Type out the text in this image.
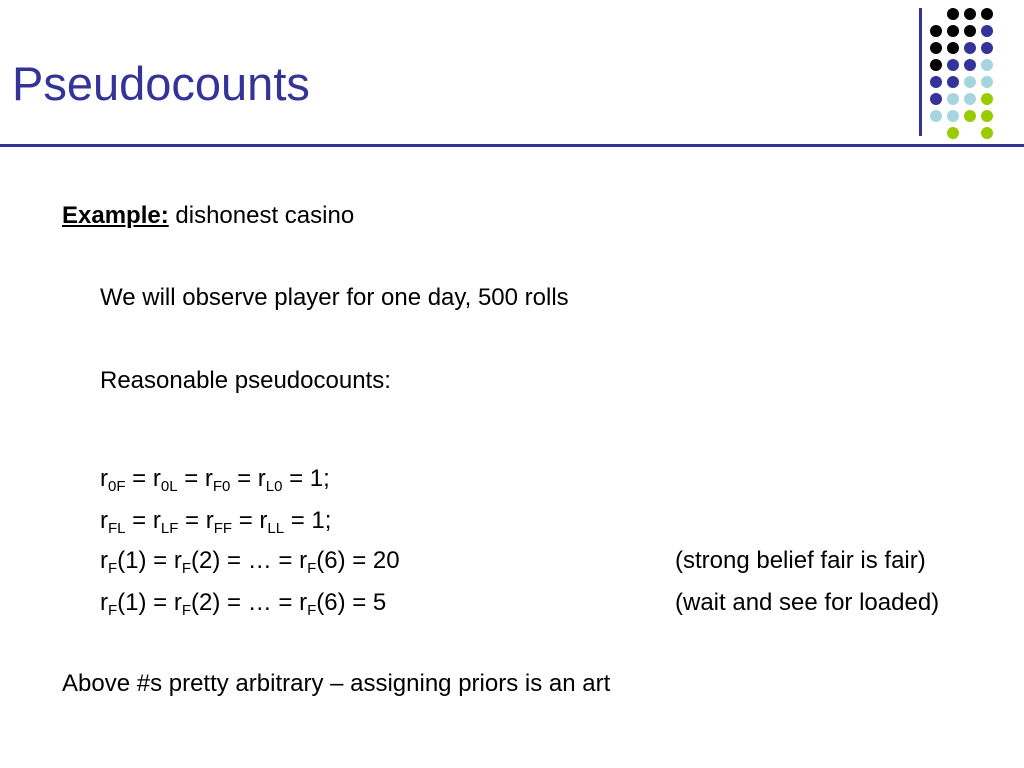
Pseudocounts
Example: dishonest casino
We will observe player for one day, 500 rolls
Reasonable pseudocounts:
$r_{0F} = r_{0L} = r_{F0} = r_{L0} = 1$;
$r_{FL} = r_{LF} = r_{FF} = r_{LL} = 1$;
$r_F(1) = r_F(2)$ = … = $r_F(6) = 20$	(strong belief fair is fair)
$r_F(1) = r_F(2)$ = … = $r_F(6) = 5$	(wait and see for loaded)
Above #s pretty arbitrary – assigning priors is an art
